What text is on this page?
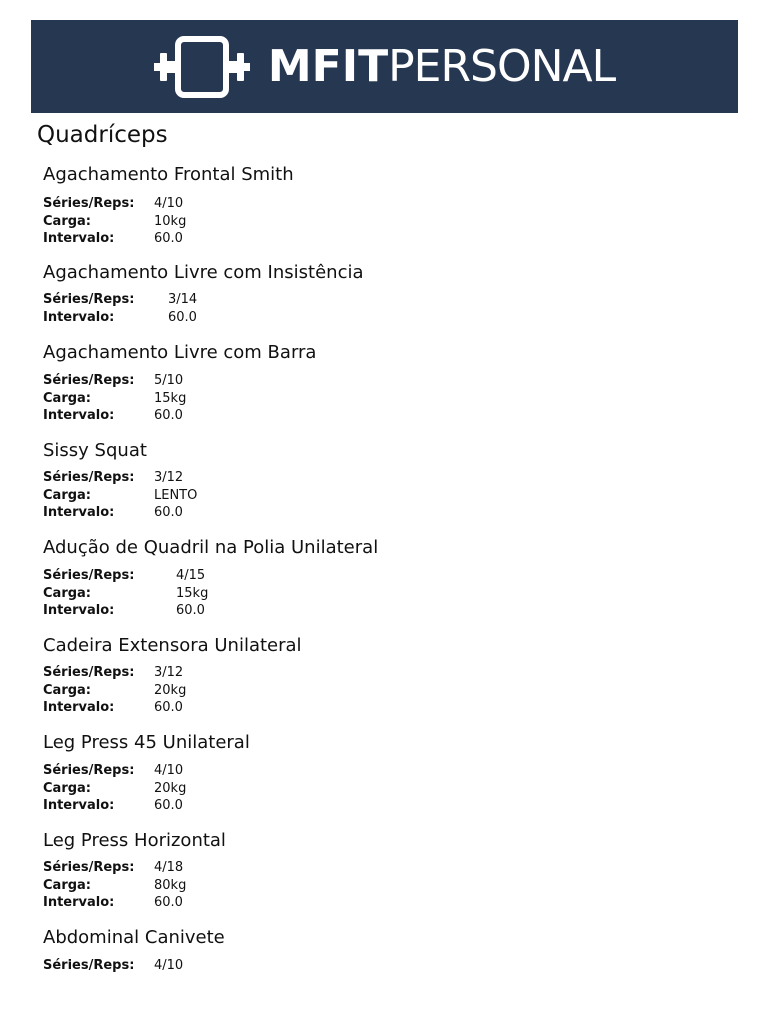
MFIT PERSONAL
Quadríceps
Agachamento Frontal Smith
Séries/Reps:	4/10
Carga:	10kg
Intervalo:	60.0
Agachamento Livre com Insistência
Séries/Reps:	3/14
Intervalo:	60.0
Agachamento Livre com Barra
Séries/Reps:	5/10
Carga:	15kg
Intervalo:	60.0
Sissy Squat
Séries/Reps:	3/12
Carga:	LENTO
Intervalo:	60.0
Adução de Quadril na Polia Unilateral
Séries/Reps:	4/15
Carga:	15kg
Intervalo:	60.0
Cadeira Extensora Unilateral
Séries/Reps:	3/12
Carga:	20kg
Intervalo:	60.0
Leg Press 45 Unilateral
Séries/Reps:	4/10
Carga:	20kg
Intervalo:	60.0
Leg Press Horizontal
Séries/Reps:	4/18
Carga:	80kg
Intervalo:	60.0
Abdominal Canivete
Séries/Reps:	4/10
